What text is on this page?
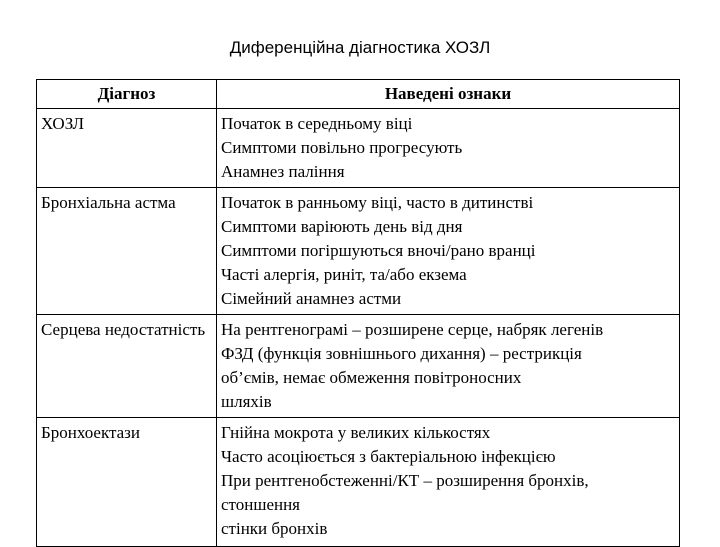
Диференційна діагностика ХОЗЛ
Діагноз	Наведені ознаки
ХОЗЛ	Початок в середньому віці
Симптоми повільно прогресують
Анамнез паління

Бронхіальна астма	Початок в ранньому віці, часто в дитинстві
Симптоми варіюють день від дня
Симптоми погіршуються вночі/рано вранці
Часті алергія, риніт, та/або екзема
Сімейний анамнез астми

Серцева недостатність	На рентгенограмі – розширене серце, набряк легенів
ФЗД (функція зовнішнього дихання) – рестрикція
об’ємів, немає обмеження повітроносних
шляхів

Бронхоектази	Гнійна мокрота у великих кількостях
Часто асоціюється з бактеріальною інфекцією
При рентгенобстеженні/КТ – розширення бронхів,
стоншення
стінки бронхів
